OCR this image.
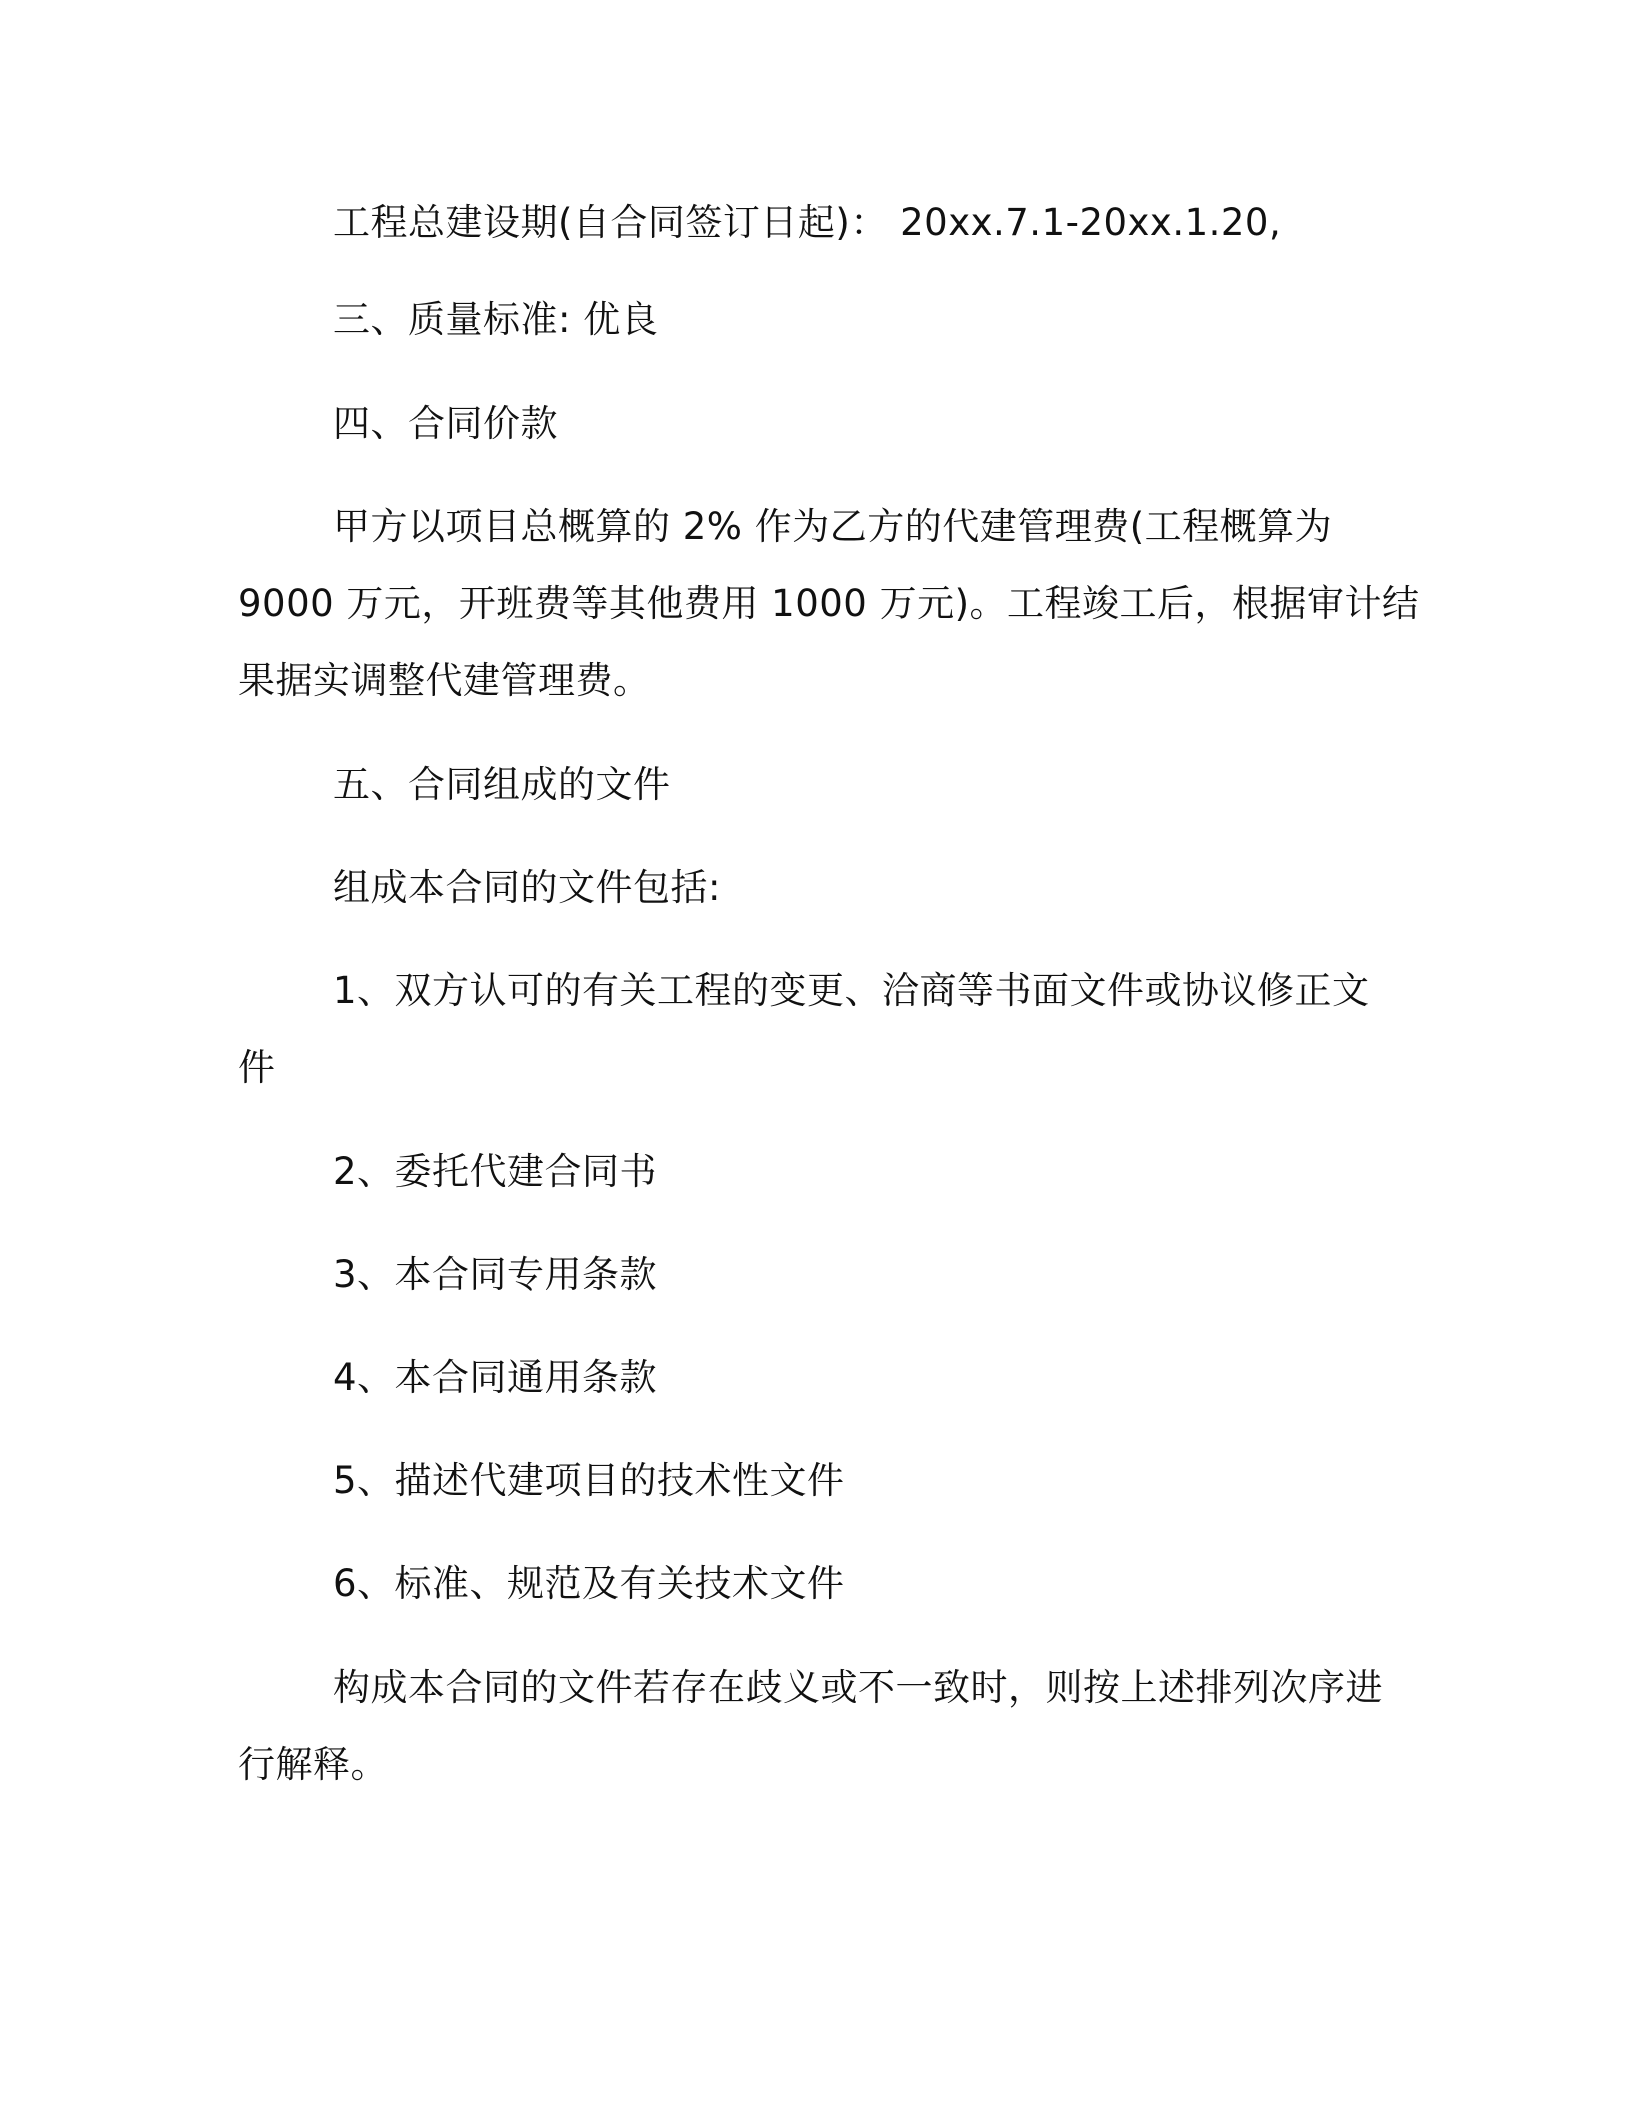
工程总建设期(自合同签订日起)： 20xx.7.1-20xx.1.20,
三、质量标准: 优良
四、合同价款
甲方以项目总概算的 2% 作为乙方的代建管理费(工程概算为
9000 万元，开班费等其他费用 1000 万元)。工程竣工后，根据审计结
果据实调整代建管理费。
五、合同组成的文件
组成本合同的文件包括:
1、双方认可的有关工程的变更、洽商等书面文件或协议修正文
件
2、委托代建合同书
3、本合同专用条款
4、本合同通用条款
5、描述代建项目的技术性文件
6、标准、规范及有关技术文件
构成本合同的文件若存在歧义或不一致时，则按上述排列次序进
行解释。
